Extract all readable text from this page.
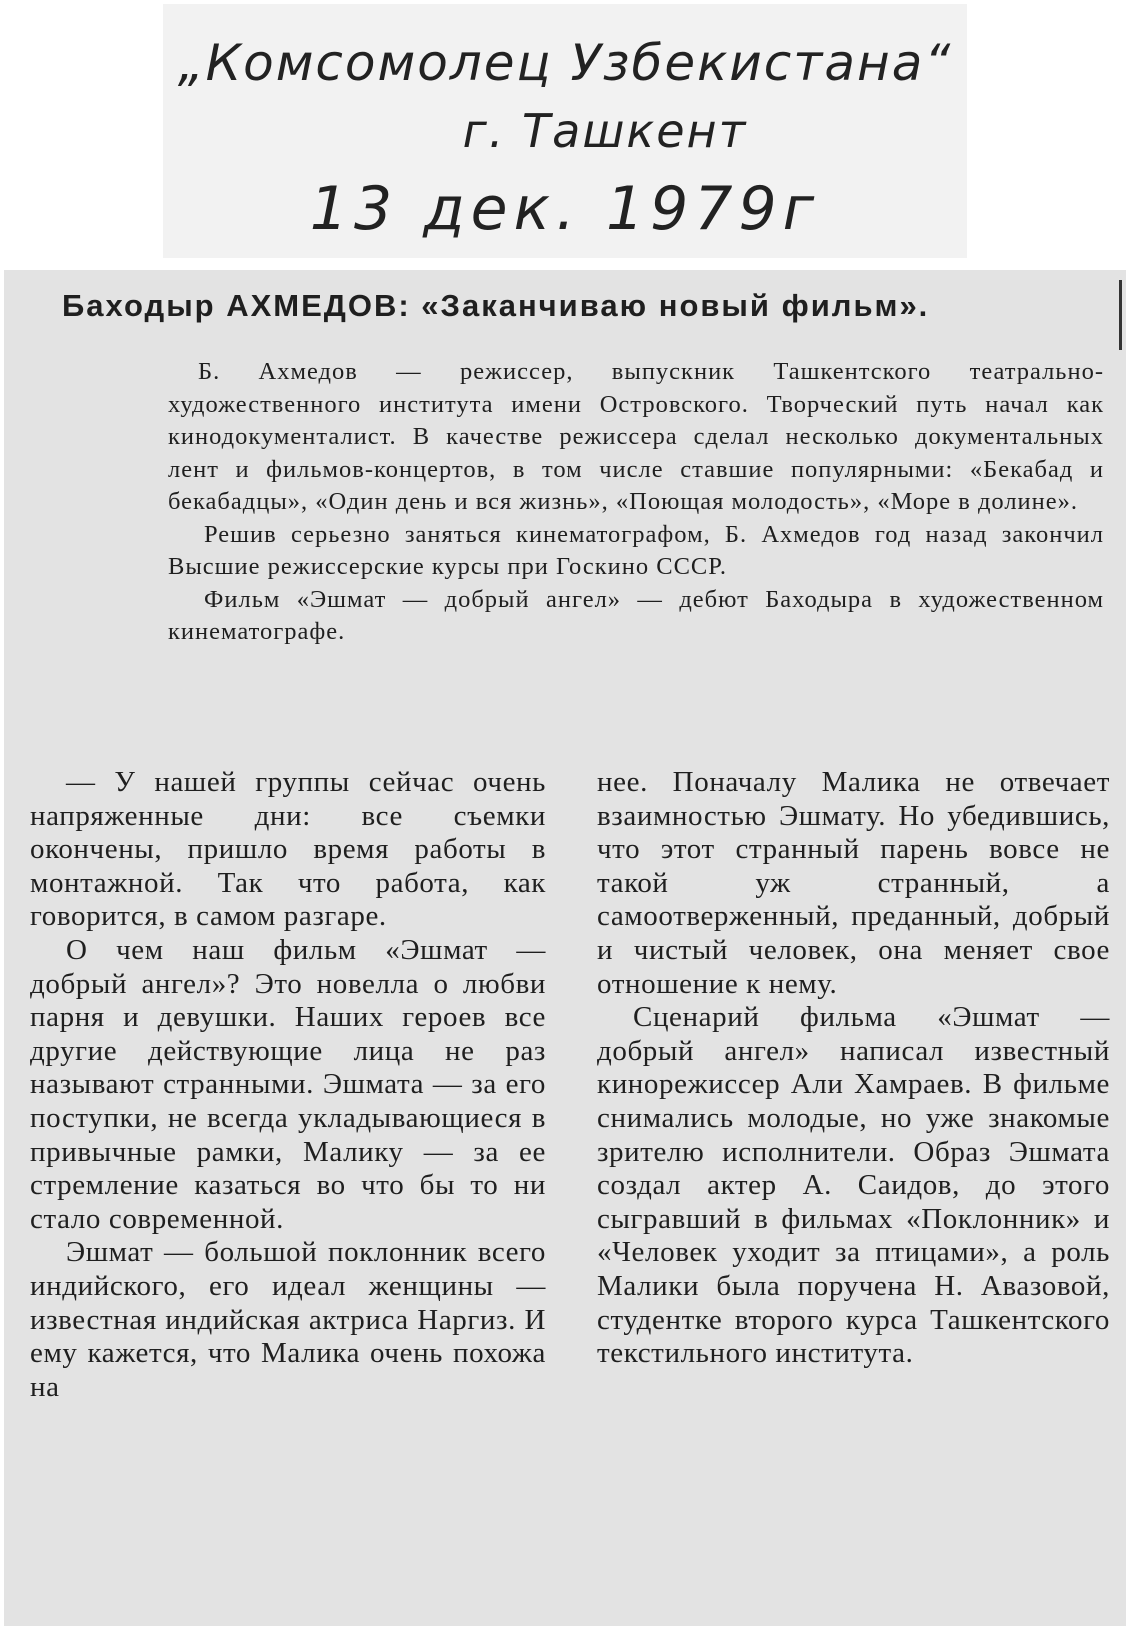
„Комсомолец Узбекистана“
г. Ташкент
13 дек. 1979г
Баходыр АХМЕДОВ: «Заканчиваю новый фильм».

Б. Ахмедов — режиссер, выпускник Ташкентского театрально-художественного института имени Островского. Творческий путь начал как кинодокументалист. В качестве режиссера сделал несколько документальных лент и фильмов-концертов, в том числе ставшие популярными: «Бекабад и бекабадцы», «Один день и вся жизнь», «Поющая молодость», «Море в долине».

Решив серьезно заняться кинематографом, Б. Ахмедов год назад закончил Высшие режиссерские курсы при Госкино СССР.

Фильм «Эшмат — добрый ангел» — дебют Баходыра в художественном кинематографе.

— У нашей группы сейчас очень напряженные дни: все съемки окончены, пришло время работы в монтажной. Так что работа, как говорится, в самом разгаре.

О чем наш фильм «Эшмат — добрый ангел»? Это новелла о любви парня и девушки. Наших героев все другие действующие лица не раз называют странными. Эшмата — за его поступки, не всегда укладывающиеся в привычные рамки, Малику — за ее стремление казаться во что бы то ни стало современной.

Эшмат — большой поклонник всего индийского, его идеал женщины — известная индийская актриса Наргиз. И ему кажется, что Малика очень похожа на

нее. Поначалу Малика не отвечает взаимностью Эшмату. Но убедившись, что этот странный парень вовсе не такой уж странный, а самоотверженный, преданный, добрый и чистый человек, она меняет свое отношение к нему.

Сценарий фильма «Эшмат — добрый ангел» написал известный кинорежиссер Али Хамраев. В фильме снимались молодые, но уже знакомые зрителю исполнители. Образ Эшмата создал актер А. Саидов, до этого сыгравший в фильмах «Поклонник» и «Человек уходит за птицами», а роль Малики была поручена Н. Авазовой, студентке второго курса Ташкентского текстильного института.
